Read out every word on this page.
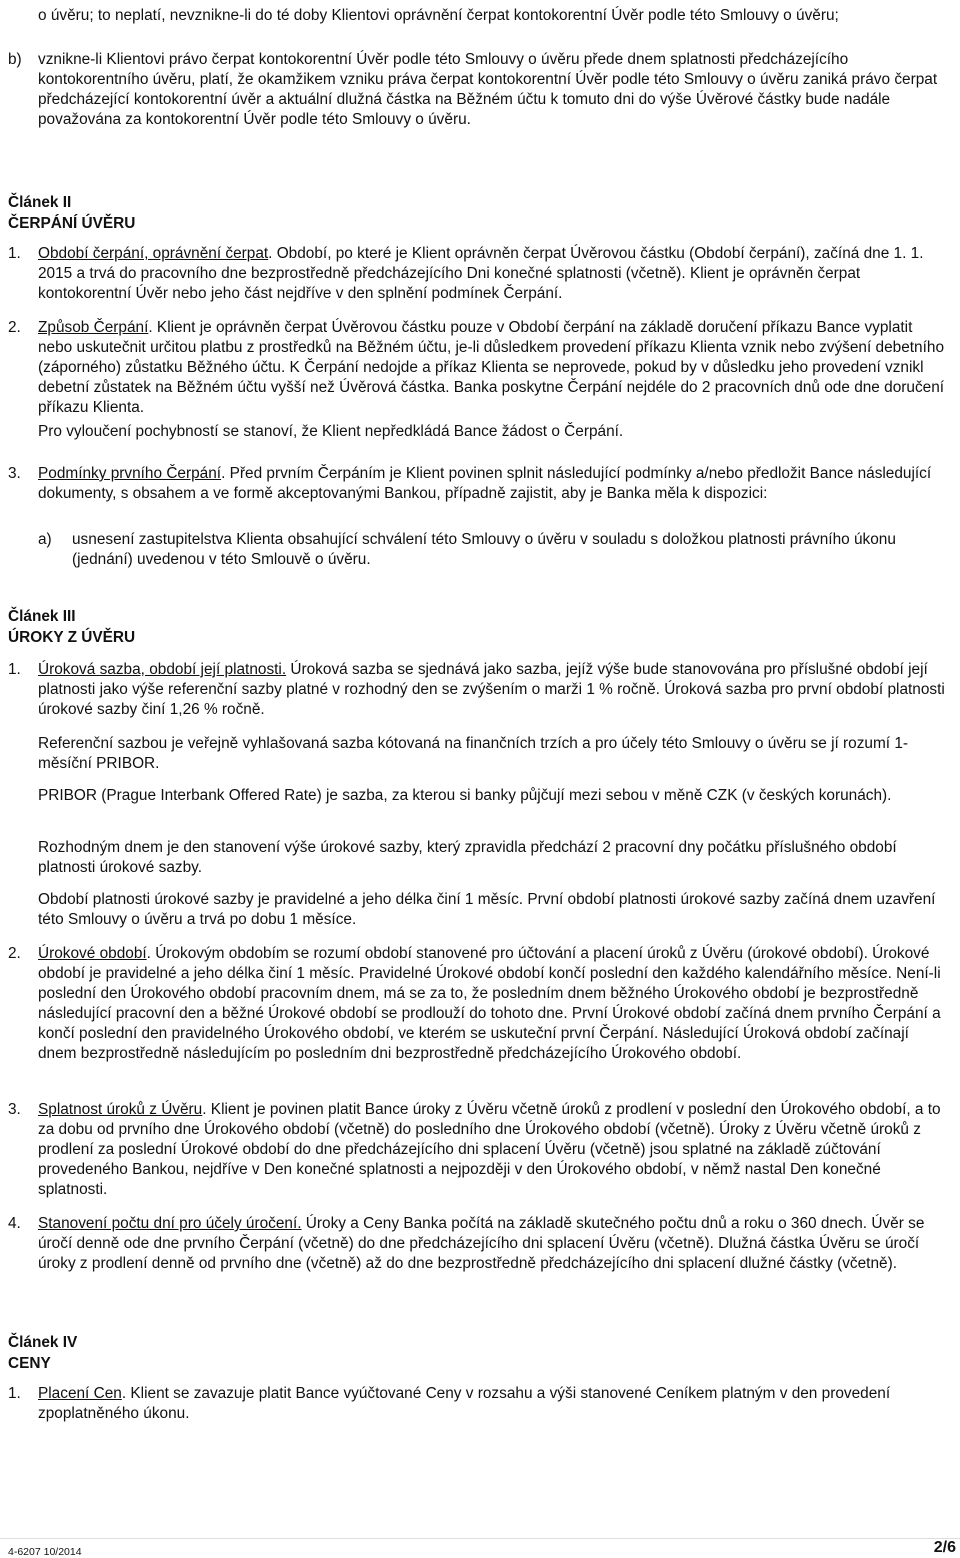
o úvěru; to neplatí, nevznikne-li do té doby Klientovi oprávnění čerpat kontokorentní Úvěr podle této Smlouvy o úvěru;

b) vznikne-li Klientovi právo čerpat kontokorentní Úvěr podle této Smlouvy o úvěru přede dnem splatnosti předcházejícího kontokorentního úvěru, platí, že okamžikem vzniku práva čerpat kontokorentní Úvěr podle této Smlouvy o úvěru zaniká právo čerpat předcházející kontokorentní úvěr a aktuální dlužná částka na Běžném účtu k tomuto dni do výše Úvěrové částky bude nadále považována za kontokorentní Úvěr podle této Smlouvy o úvěru.

Článek II
ČERPÁNÍ ÚVĚRU
1. Období čerpání, oprávnění čerpat. Období, po které je Klient oprávněn čerpat Úvěrovou částku (Období čerpání), začíná dne 1. 1. 2015 a trvá do pracovního dne bezprostředně předcházejícího Dni konečné splatnosti (včetně). Klient je oprávněn čerpat kontokorentní Úvěr nebo jeho část nejdříve v den splnění podmínek Čerpání.

2. Způsob Čerpání. Klient je oprávněn čerpat Úvěrovou částku pouze v Období čerpání na základě doručení příkazu Bance vyplatit nebo uskutečnit určitou platbu z prostředků na Běžném účtu, je-li důsledkem provedení příkazu Klienta vznik nebo zvýšení debetního (záporného) zůstatku Běžného účtu. K Čerpání nedojde a příkaz Klienta se neprovede, pokud by v důsledku jeho provedení vznikl debetní zůstatek na Běžném účtu vyšší než Úvěrová částka. Banka poskytne Čerpání nejdéle do 2 pracovních dnů ode dne doručení příkazu Klienta.

Pro vyloučení pochybností se stanoví, že Klient nepředkládá Bance žádost o Čerpání.

3. Podmínky prvního Čerpání. Před prvním Čerpáním je Klient povinen splnit následující podmínky a/nebo předložit Bance následující dokumenty, s obsahem a ve formě akceptovanými Bankou, případně zajistit, aby je Banka měla k dispozici:

a) usnesení zastupitelstva Klienta obsahující schválení této Smlouvy o úvěru v souladu s doložkou platnosti právního úkonu (jednání) uvedenou v této Smlouvě o úvěru.

Článek III
ÚROKY Z ÚVĚRU
1. Úroková sazba, období její platnosti. Úroková sazba se sjednává jako sazba, jejíž výše bude stanovována pro příslušné období její platnosti jako výše referenční sazby platné v rozhodný den se zvýšením o marži 1 % ročně. Úroková sazba pro první období platnosti úrokové sazby činí 1,26 % ročně.

Referenční sazbou je veřejně vyhlašovaná sazba kótovaná na finančních trzích a pro účely této Smlouvy o úvěru se jí rozumí 1-měsíční PRIBOR.

PRIBOR (Prague Interbank Offered Rate) je sazba, za kterou si banky půjčují mezi sebou v měně CZK (v českých korunách).

Rozhodným dnem je den stanovení výše úrokové sazby, který zpravidla předchází 2 pracovní dny počátku příslušného období platnosti úrokové sazby.

Období platnosti úrokové sazby je pravidelné a jeho délka činí 1 měsíc. První období platnosti úrokové sazby začíná dnem uzavření této Smlouvy o úvěru a trvá po dobu 1 měsíce.

2. Úrokové období. Úrokovým obdobím se rozumí období stanovené pro účtování a placení úroků z Úvěru (úrokové období). Úrokové období je pravidelné a jeho délka činí 1 měsíc. Pravidelné Úrokové období končí poslední den každého kalendářního měsíce. Není-li poslední den Úrokového období pracovním dnem, má se za to, že posledním dnem běžného Úrokového období je bezprostředně následující pracovní den a běžné Úrokové období se prodlouží do tohoto dne. První Úrokové období začíná dnem prvního Čerpání a končí poslední den pravidelného Úrokového období, ve kterém se uskuteční první Čerpání. Následující Úroková období začínají dnem bezprostředně následujícím po posledním dni bezprostředně předcházejícího Úrokového období.

3. Splatnost úroků z Úvěru. Klient je povinen platit Bance úroky z Úvěru včetně úroků z prodlení v poslední den Úrokového období, a to za dobu od prvního dne Úrokového období (včetně) do posledního dne Úrokového období (včetně). Úroky z Úvěru včetně úroků z prodlení za poslední Úrokové období do dne předcházejícího dni splacení Úvěru (včetně) jsou splatné na základě zúčtování provedeného Bankou, nejdříve v Den konečné splatnosti a nejpozději v den Úrokového období, v němž nastal Den konečné splatnosti.

4. Stanovení počtu dní pro účely úročení. Úroky a Ceny Banka počítá na základě skutečného počtu dnů a roku o 360 dnech. Úvěr se úročí denně ode dne prvního Čerpání (včetně) do dne předcházejícího dni splacení Úvěru (včetně). Dlužná částka Úvěru se úročí úroky z prodlení denně od prvního dne (včetně) až do dne bezprostředně předcházejícího dni splacení dlužné částky (včetně).

Článek IV
CENY
1. Placení Cen. Klient se zavazuje platit Bance vyúčtované Ceny v rozsahu a výši stanovené Ceníkem platným v den provedení zpoplatněného úkonu.

4-6207 10/2014	2/6
